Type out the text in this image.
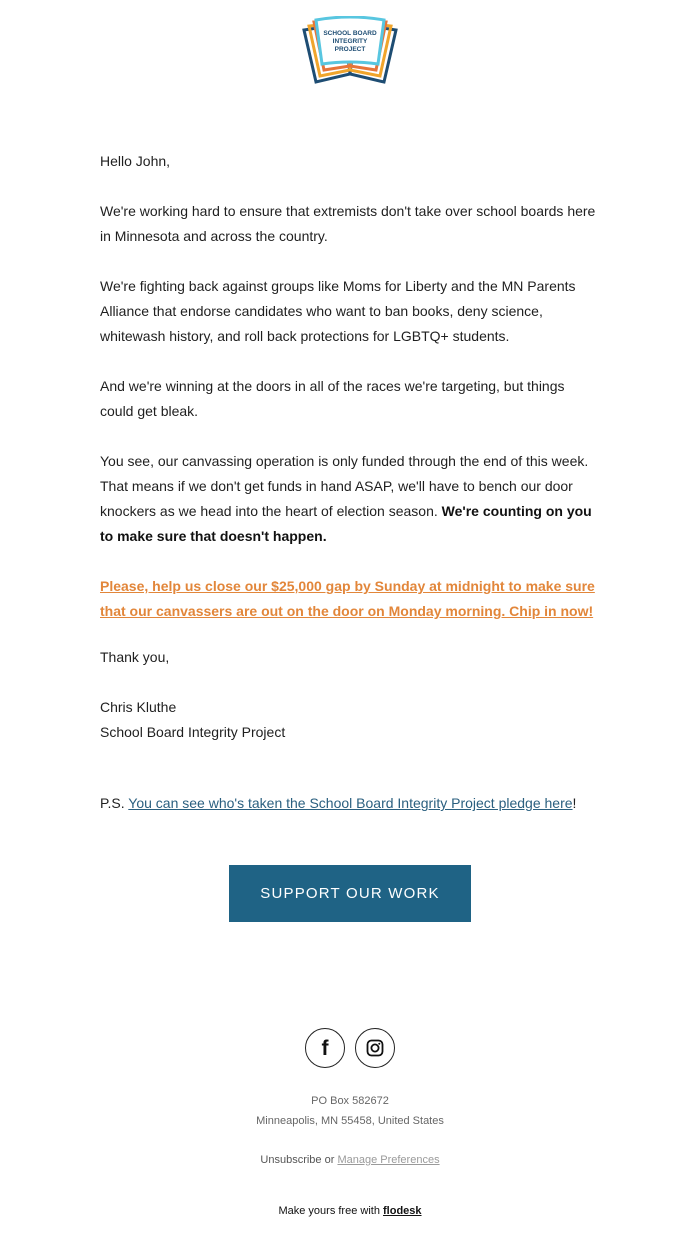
SCHOOL BOARD
INTEGRITY
PROJECT

Hello John,

We're working hard to ensure that extremists don't take over school boards here in Minnesota and across the country.

We're fighting back against groups like Moms for Liberty and the MN Parents Alliance that endorse candidates who want to ban books, deny science, whitewash history, and roll back protections for LGBTQ+ students.

And we're winning at the doors in all of the races we're targeting, but things could get bleak.

You see, our canvassing operation is only funded through the end of this week. That means if we don't get funds in hand ASAP, we'll have to bench our door knockers as we head into the heart of election season. We're counting on you to make sure that doesn't happen.

Please, help us close our $25,000 gap by Sunday at midnight to make sure that our canvassers are out on the door on Monday morning. Chip in now!

Thank you,

Chris Kluthe

School Board Integrity Project

P.S. You can see who's taken the School Board Integrity Project pledge here!

SUPPORT OUR WORK
f
PO Box 582672
Minneapolis, MN 55458, United States
Unsubscribe or Manage Preferences
Make yours free with flodesk
